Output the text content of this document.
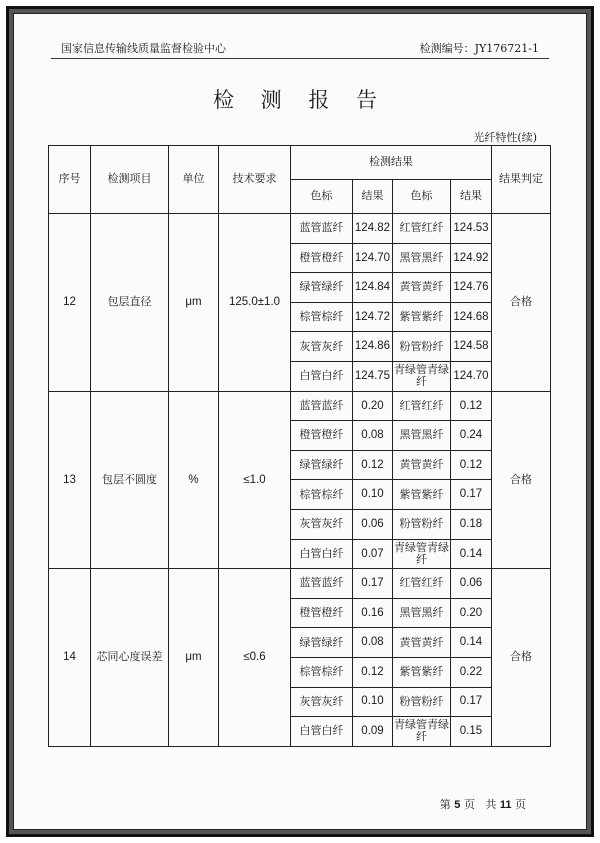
国家信息传输线质量监督检验中心	检测编号：JY176721-1
检 测 报 告
光纤特性(续)
序号	检测项目	单位	技术要求	检测结果				结果判定
				色标	结果	色标	结果	
12	包层直径	μm	125.0±1.0	蓝管蓝纤	124.82	红管红纤	124.53	合格
				橙管橙纤	124.70	黑管黑纤	124.92	
				绿管绿纤	124.84	黄管黄纤	124.76	
				棕管棕纤	124.72	紫管紫纤	124.68	
				灰管灰纤	124.86	粉管粉纤	124.58	
				白管白纤	124.75	青绿管青绿纤	124.70	
13	包层不圆度	%	≤1.0	蓝管蓝纤	0.20	红管红纤	0.12	合格
				橙管橙纤	0.08	黑管黑纤	0.24	
				绿管绿纤	0.12	黄管黄纤	0.12	
				棕管棕纤	0.10	紫管紫纤	0.17	
				灰管灰纤	0.06	粉管粉纤	0.18	
				白管白纤	0.07	青绿管青绿纤	0.14	
14	芯同心度误差	μm	≤0.6	蓝管蓝纤	0.17	红管红纤	0.06	合格
				橙管橙纤	0.16	黑管黑纤	0.20	
				绿管绿纤	0.08	黄管黄纤	0.14	
				棕管棕纤	0.12	紫管紫纤	0.22	
				灰管灰纤	0.10	粉管粉纤	0.17	
				白管白纤	0.09	青绿管青绿纤	0.15	
第 5 页 共 11 页
